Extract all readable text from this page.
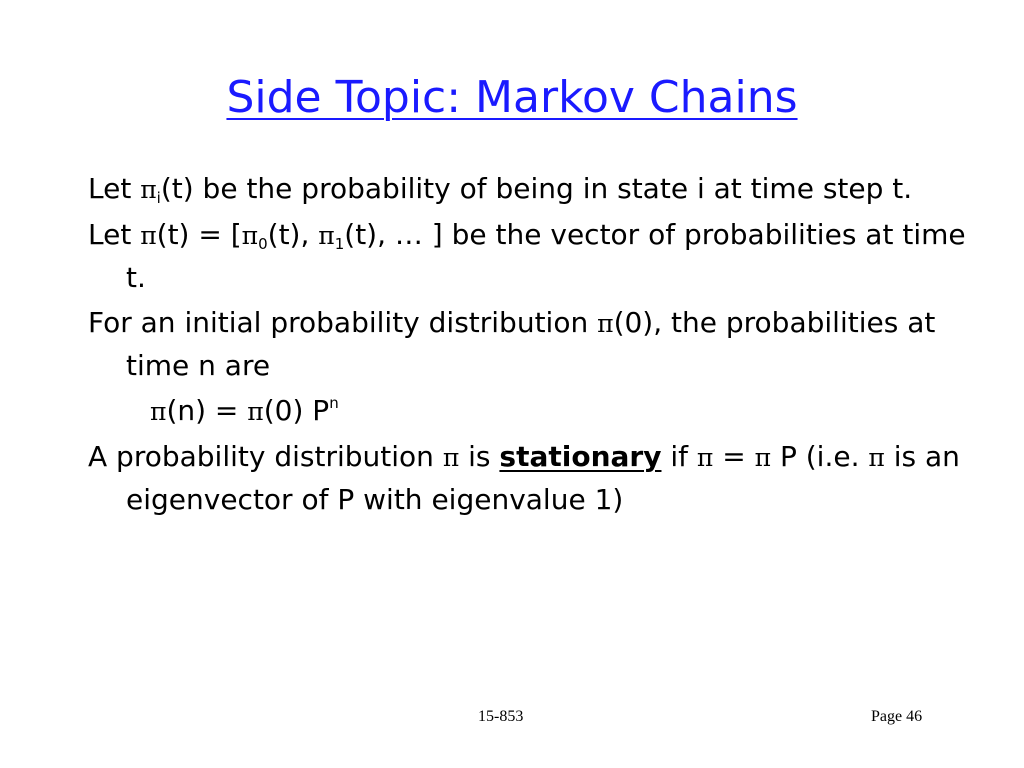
Side Topic: Markov Chains

Let $\pi_i(t)$ be the probability of being in state i at time step t.

Let $\pi(t) = [\pi_0(t)$, $\pi_1(t)$, … ] be the vector of probabilities at time t.

For an initial probability distribution π(0), the probabilities at time n are

π(n) = π(0) $P^n$

A probability distribution π is stationary if π = π P (i.e. π is an eigenvector of P with eigenvalue 1)

15-853	Page 46
